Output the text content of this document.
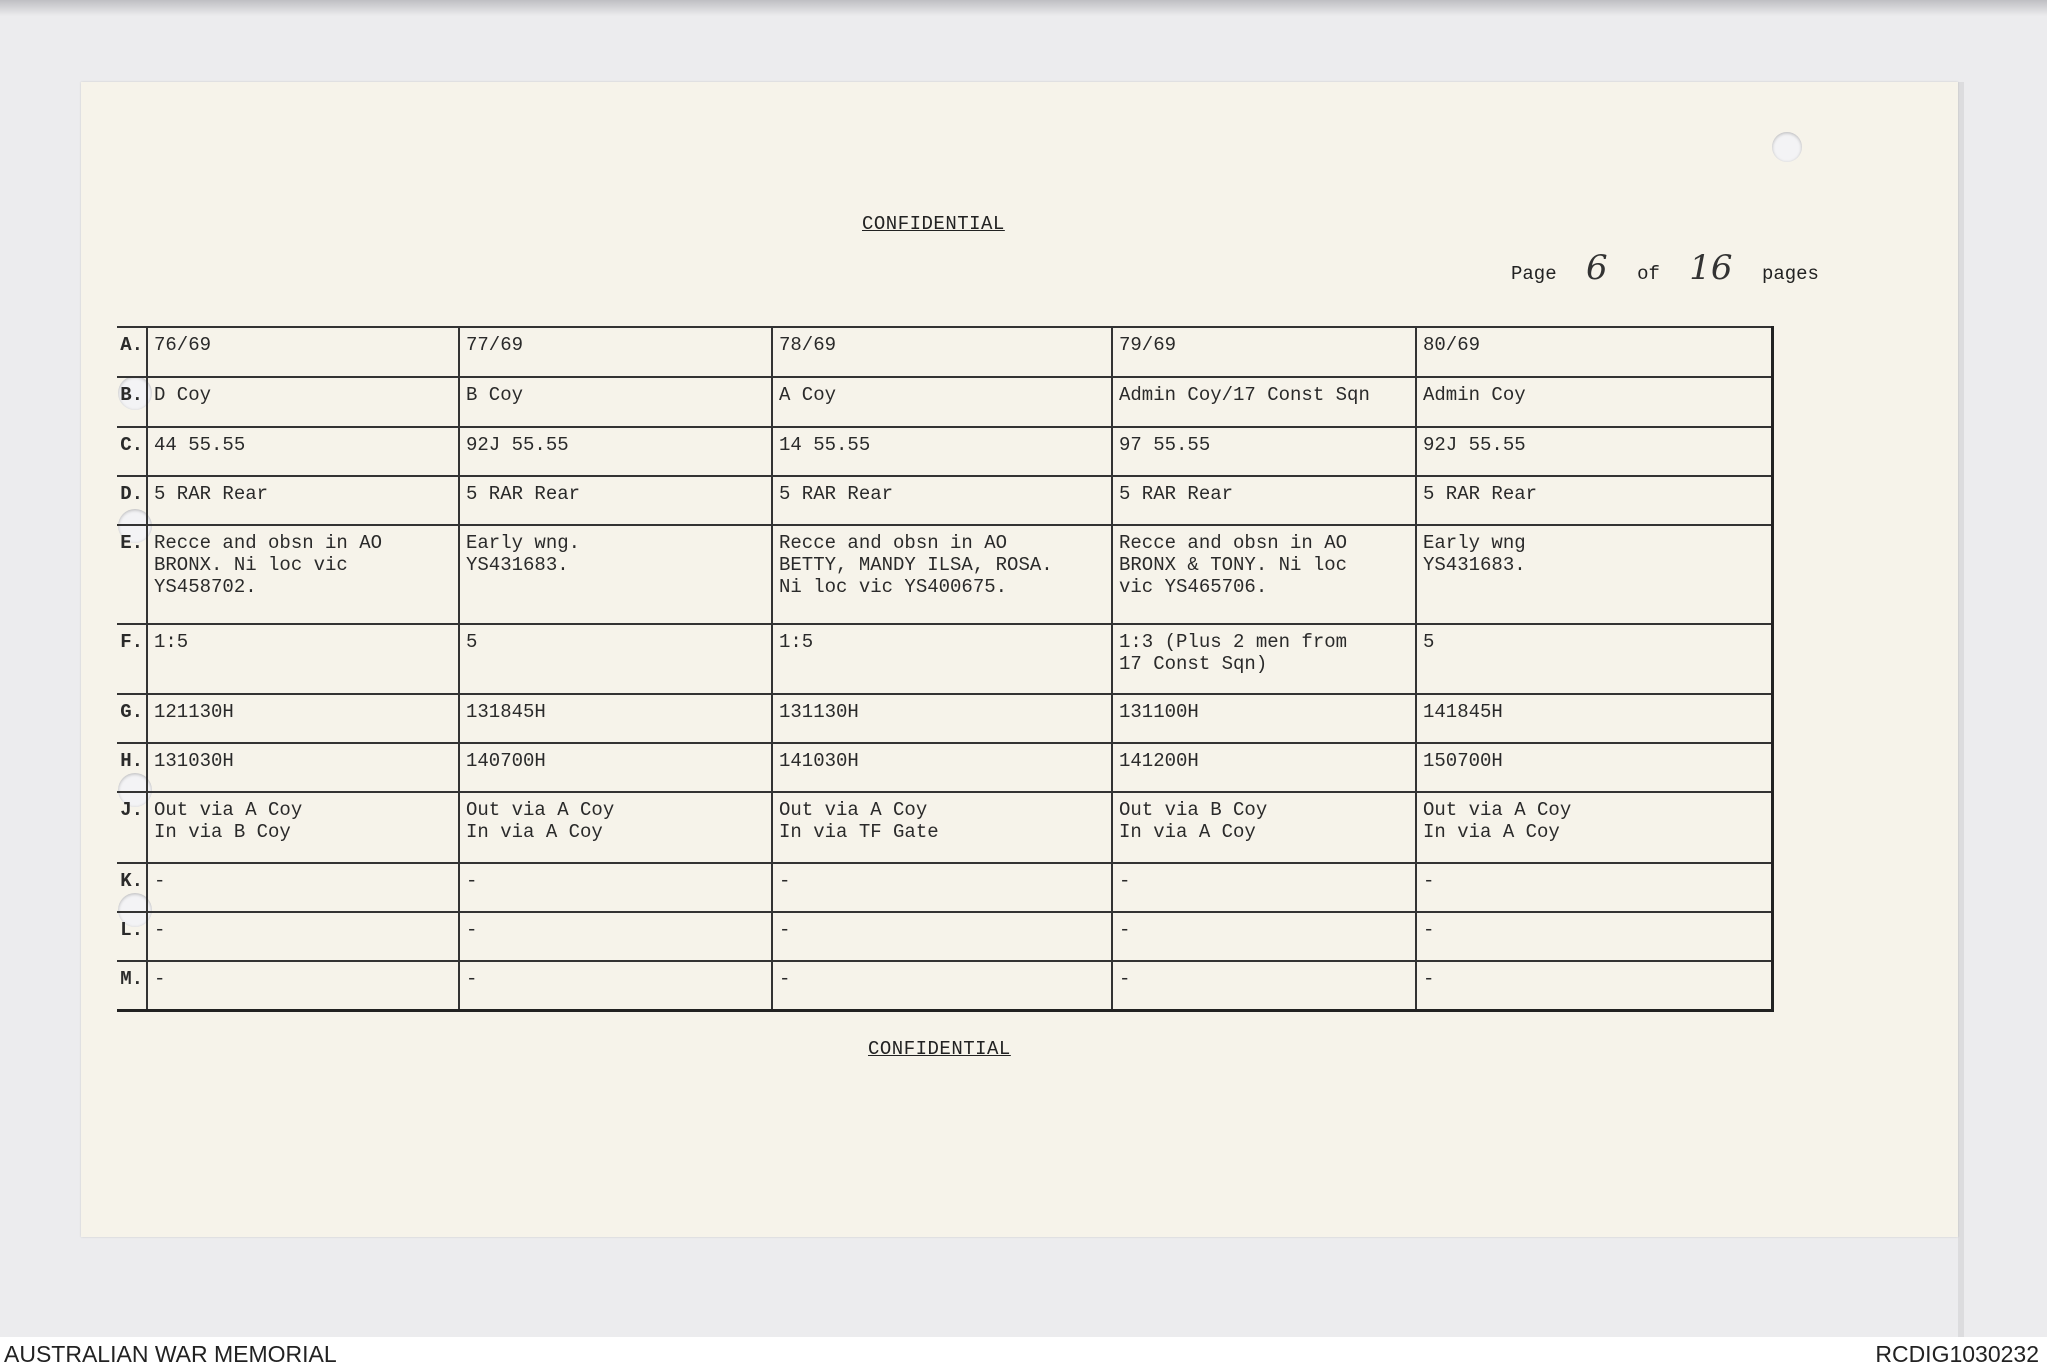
CONFIDENTIAL
Page 6 of 16 pages
A.	76/69	77/69	78/69	79/69	80/69
B.	D Coy	B Coy	A Coy	Admin Coy/17 Const Sqn	Admin Coy
C.	44 55.55	92J 55.55	14 55.55	97 55.55	92J 55.55
D.	5 RAR Rear	5 RAR Rear	5 RAR Rear	5 RAR Rear	5 RAR Rear
E.	Recce and obsn in AO
BRONX. Ni loc vic
YS458702.	Early wng.
YS431683.	Recce and obsn in AO
BETTY, MANDY ILSA, ROSA.
Ni loc vic YS400675.	Recce and obsn in AO
BRONX & TONY. Ni loc
vic YS465706.	Early wng
YS431683.
F.	1:5	5	1:5	1:3 (Plus 2 men from
17 Const Sqn)	5
G.	121130H	131845H	131130H	131100H	141845H
H.	131030H	140700H	141030H	141200H	150700H
J.	Out via A Coy
In via B Coy	Out via A Coy
In via A Coy	Out via A Coy
In via TF Gate	Out via B Coy
In via A Coy	Out via A Coy
In via A Coy
K.	-	-	-	-	-
L.	-	-	-	-	-
M.	-	-	-	-	-
CONFIDENTIAL
AUSTRALIAN WAR MEMORIAL	RCDIG1030232
